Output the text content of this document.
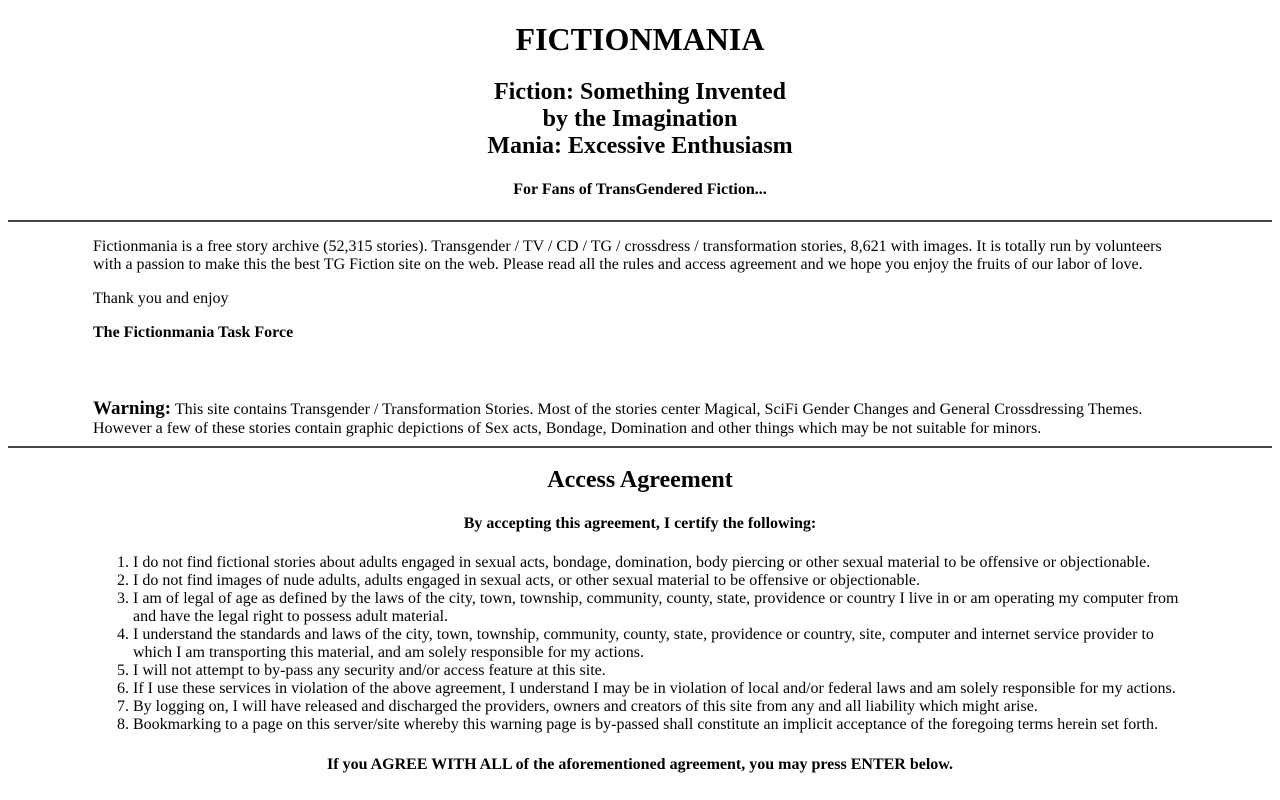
FICTIONMANIA
Fiction: Something Invented
by the Imagination
Mania: Excessive Enthusiasm
For Fans of TransGendered Fiction...

Fictionmania is a free story archive (52,315 stories). Transgender / TV / CD / TG / crossdress / transformation stories, 8,621 with images. It is totally run by volunteers with a passion to make this the best TG Fiction site on the web. Please read all the rules and access agreement and we hope you enjoy the fruits of our labor of love.

Thank you and enjoy

The Fictionmania Task Force

Warning: This site contains Transgender / Transformation Stories. Most of the stories center Magical, SciFi Gender Changes and General Crossdressing Themes. However a few of these stories contain graphic depictions of Sex acts, Bondage, Domination and other things which may be not suitable for minors.

Access Agreement
By accepting this agreement, I certify the following:
1. I do not find fictional stories about adults engaged in sexual acts, bondage, domination, body piercing or other sexual material to be offensive or objectionable.
2. I do not find images of nude adults, adults engaged in sexual acts, or other sexual material to be offensive or objectionable.
3. I am of legal of age as defined by the laws of the city, town, township, community, county, state, providence or country I live in or am operating my computer from and have the legal right to possess adult material.
4. I understand the standards and laws of the city, town, township, community, county, state, providence or country, site, computer and internet service provider to which I am transporting this material, and am solely responsible for my actions.
5. I will not attempt to by-pass any security and/or access feature at this site.
6. If I use these services in violation of the above agreement, I understand I may be in violation of local and/or federal laws and am solely responsible for my actions.
7. By logging on, I will have released and discharged the providers, owners and creators of this site from any and all liability which might arise.
8. Bookmarking to a page on this server/site whereby this warning page is by-passed shall constitute an implicit acceptance of the foregoing terms herein set forth.
If you AGREE WITH ALL of the aforementioned agreement, you may press ENTER below.
